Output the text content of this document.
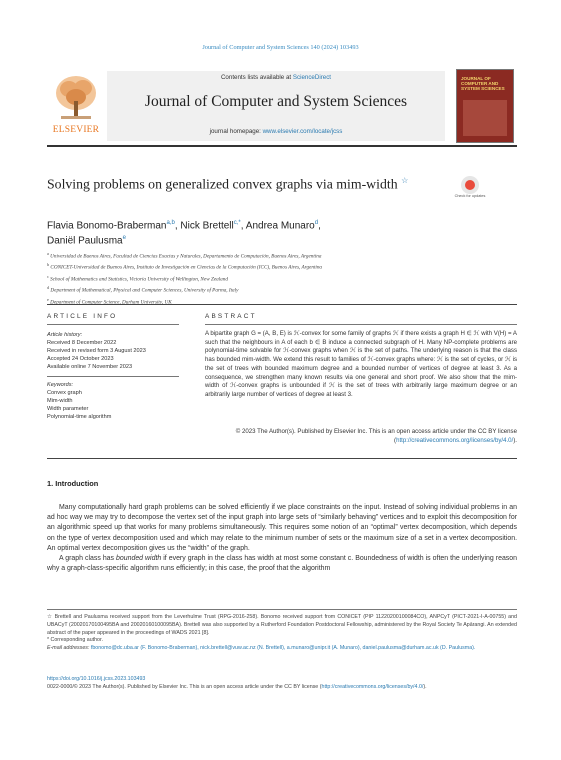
Journal of Computer and System Sciences 140 (2024) 103493
ELSEVIER
Contents lists available at ScienceDirect
Journal of Computer and System Sciences
journal homepage: www.elsevier.com/locate/jcss
JOURNAL OF COMPUTER AND SYSTEM SCIENCES
Solving problems on generalized convex graphs via mim-width ☆
Check for updates
Flavia Bonomo-Braberman$^{a,b}$, Nick Brettell$^{c,*}$, Andrea Munaro$^d$,
Daniël Paulusma$^e$
$^a$ Universidad de Buenos Aires, Facultad de Ciencias Exactas y Naturales, Departamento de Computación, Buenos Aires, Argentina
$^b$ CONICET-Universidad de Buenos Aires, Instituto de Investigación en Ciencias de la Computación (ICC), Buenos Aires, Argentina
$^c$ School of Mathematics and Statistics, Victoria University of Wellington, New Zealand
$^d$ Department of Mathematical, Physical and Computer Sciences, University of Parma, Italy
$^e$ Department of Computer Science, Durham University, UK
ARTICLE INFO	ABSTRACT
Article history:
Received 8 December 2022
Received in revised form 3 August 2023
Accepted 24 October 2023
Available online 7 November 2023
Keywords:
Convex graph
Mim-width
Width parameter
Polynomial-time algorithm
A bipartite graph G = (A, B, E) is ℋ-convex for some family of graphs ℋ if there exists a graph H ∈ ℋ with V(H) = A such that the neighbours in A of each b ∈ B induce a connected subgraph of H. Many NP-complete problems are polynomial-time solvable for ℋ-convex graphs when ℋ is the set of paths. The underlying reason is that the class has bounded mim-width. We extend this result to families of ℋ-convex graphs where: ℋ is the set of cycles, or ℋ is the set of trees with bounded maximum degree and a bounded number of vertices of degree at least 3. As a consequence, we strengthen many known results via one general and short proof. We also show that the mim-width of ℋ-convex graphs is unbounded if ℋ is the set of trees with arbitrarily large maximum degree or an arbitrarily large number of vertices of degree at least 3.
© 2023 The Author(s). Published by Elsevier Inc. This is an open access article under the CC BY license (http://creativecommons.org/licenses/by/4.0/).
1. Introduction

Many computationally hard graph problems can be solved efficiently if we place constraints on the input. Instead of solving individual problems in an ad hoc way we may try to decompose the vertex set of the input graph into large sets of “similarly behaving” vertices and to exploit this decomposition for an algorithmic speed up that works for many problems simultaneously. This requires some notion of an “optimal” vertex decomposition, which depends on the type of vertex decomposition used and which may relate to the minimum number of sets or the maximum size of a set in a vertex decomposition. An optimal vertex decomposition gives us the “width” of the graph.

A graph class has bounded width if every graph in the class has width at most some constant c. Boundedness of width is often the underlying reason why a graph-class-specific algorithm runs efficiently; in this case, the proof that the algorithm

☆ Brettell and Paulusma received support from the Leverhulme Trust (RPG-2016-258). Bonomo received support from CONICET (PIP 11220200100084CO), ANPCyT (PICT-2021-I-A-00755) and UBACyT (20020170100495BA and 20020160100095BA). Brettell was also supported by a Rutherford Foundation Postdoctoral Fellowship, administered by the Royal Society Te Apārangi. An extended abstract of the paper appeared in the proceedings of WADS 2021 [8].

* Corresponding author.

E-mail addresses: fbonomo@dc.uba.ar (F. Bonomo-Braberman), nick.brettell@vuw.ac.nz (N. Brettell), a.munaro@unipr.it (A. Munaro), daniel.paulusma@durham.ac.uk (D. Paulusma).

https://doi.org/10.1016/j.jcss.2023.103493

0022-0000/© 2023 The Author(s). Published by Elsevier Inc. This is an open access article under the CC BY license (http://creativecommons.org/licenses/by/4.0/).
